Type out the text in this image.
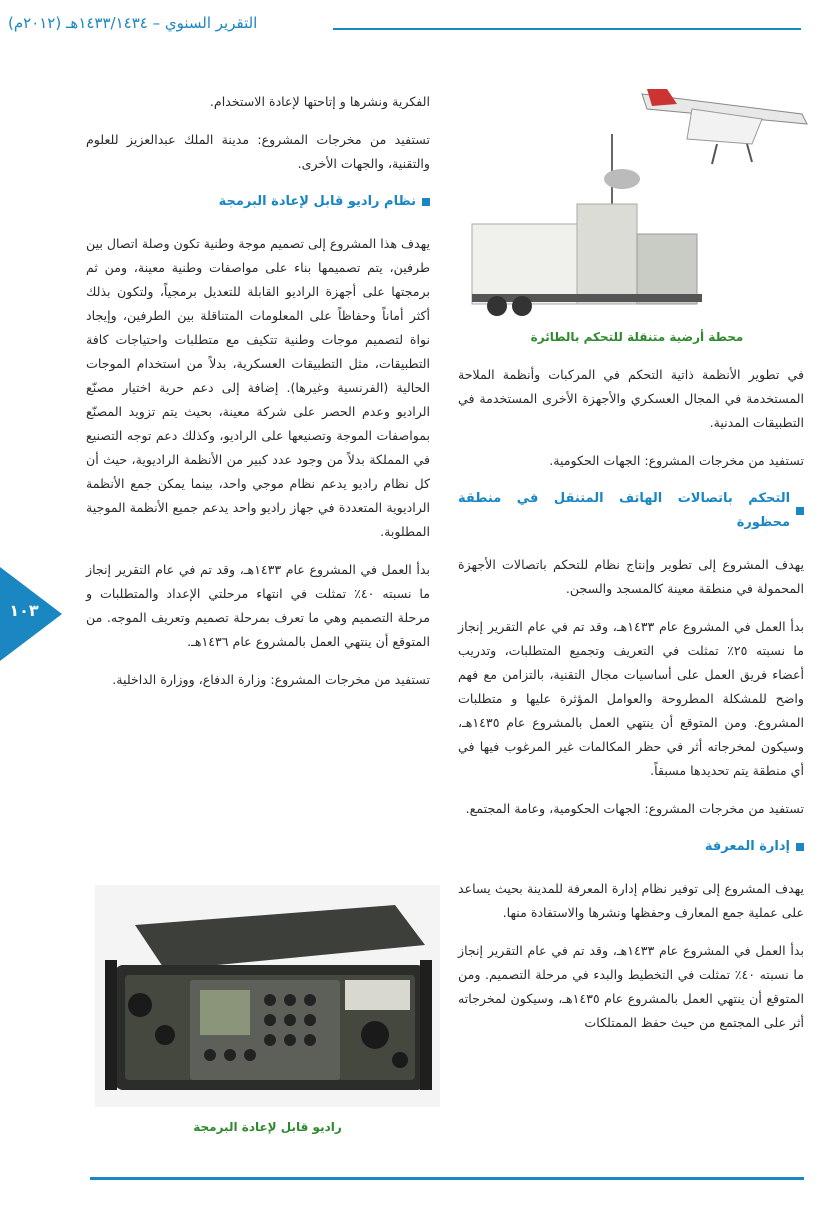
التقرير السنوي – ١٤٣٣/١٤٣٤هـ (٢٠١٢م)
١٠٣

الفكرية ونشرها و إتاحتها لإعادة الاستخدام.

تستفيد من مخرجات المشروع: مدينة الملك عبدالعزيز للعلوم والتقنية، والجهات الأخرى.

نظام راديو قابل لإعادة البرمجة

يهدف هذا المشروع إلى تصميم موجة وطنية تكون وصلة اتصال بين طرفين، يتم تصميمها بناء على مواصفات وطنية معينة، ومن ثم برمجتها على أجهزة الراديو القابلة للتعديل برمجياً، ولتكون بذلك أكثر أماناً وحفاظاً على المعلومات المتناقلة بين الطرفين، وإيجاد نواة لتصميم موجات وطنية تتكيف مع متطلبات واحتياجات كافة التطبيقات، مثل التطبيقات العسكرية، بدلاً من استخدام الموجات الحالية (الفرنسية وغيرها). إضافة إلى دعم حرية اختيار مصنّع الراديو وعدم الحصر على شركة معينة، بحيث يتم تزويد المصنّع بمواصفات الموجة وتصنيعها على الراديو، وكذلك دعم توجه التصنيع في المملكة بدلاً من وجود عدد كبير من الأنظمة الراديوية، حيث أن كل نظام راديو يدعم نظام موجي واحد، بينما يمكن جمع الأنظمة الراديوية المتعددة في جهاز راديو واحد يدعم جميع الأنظمة الموجية المطلوبة.

بدأ العمل في المشروع عام ١٤٣٣هـ، وقد تم في عام التقرير إنجاز ما نسبته ٤٠٪ تمثلت في انتهاء مرحلتي الإعداد والمتطلبات و مرحلة التصميم وهي ما تعرف بمرحلة تصميم وتعريف الموجه. من المتوقع أن ينتهي العمل بالمشروع عام ١٤٣٦هـ.

تستفيد من مخرجات المشروع: وزارة الدفاع، ووزارة الداخلية.

راديو قابل لإعادة البرمجة
محطة أرضية متنقلة للتحكم بالطائرة

في تطوير الأنظمة ذاتية التحكم في المركبات وأنظمة الملاحة المستخدمة في المجال العسكري والأجهزة الأخرى المستخدمة في التطبيقات المدنية.

تستفيد من مخرجات المشروع: الجهات الحكومية.

التحكم باتصالات الهاتف المتنقل في منطقة محظورة

يهدف المشروع إلى تطوير وإنتاج نظام للتحكم باتصالات الأجهزة المحمولة في منطقة معينة كالمسجد والسجن.

بدأ العمل في المشروع عام ١٤٣٣هـ، وقد تم في عام التقرير إنجاز ما نسبته ٢٥٪ تمثلت في التعريف وتجميع المتطلبات، وتدريب أعضاء فريق العمل على أساسيات مجال التقنية، بالتزامن مع فهم واضح للمشكلة المطروحة والعوامل المؤثرة عليها و متطلبات المشروع. ومن المتوقع أن ينتهي العمل بالمشروع عام ١٤٣٥هـ، وسيكون لمخرجاته أثر في حظر المكالمات غير المرغوب فيها في أي منطقة يتم تحديدها مسبقاً.

تستفيد من مخرجات المشروع: الجهات الحكومية، وعامة المجتمع.

إدارة المعرفة

يهدف المشروع إلى توفير نظام إدارة المعرفة للمدينة بحيث يساعد على عملية جمع المعارف وحفظها ونشرها والاستفادة منها.

بدأ العمل في المشروع عام ١٤٣٣هـ، وقد تم في عام التقرير إنجاز ما نسبته ٤٠٪ تمثلت في التخطيط والبدء في مرحلة التصميم. ومن المتوقع أن ينتهي العمل بالمشروع عام ١٤٣٥هـ، وسيكون لمخرجاته أثر على المجتمع من حيث حفظ الممتلكات
